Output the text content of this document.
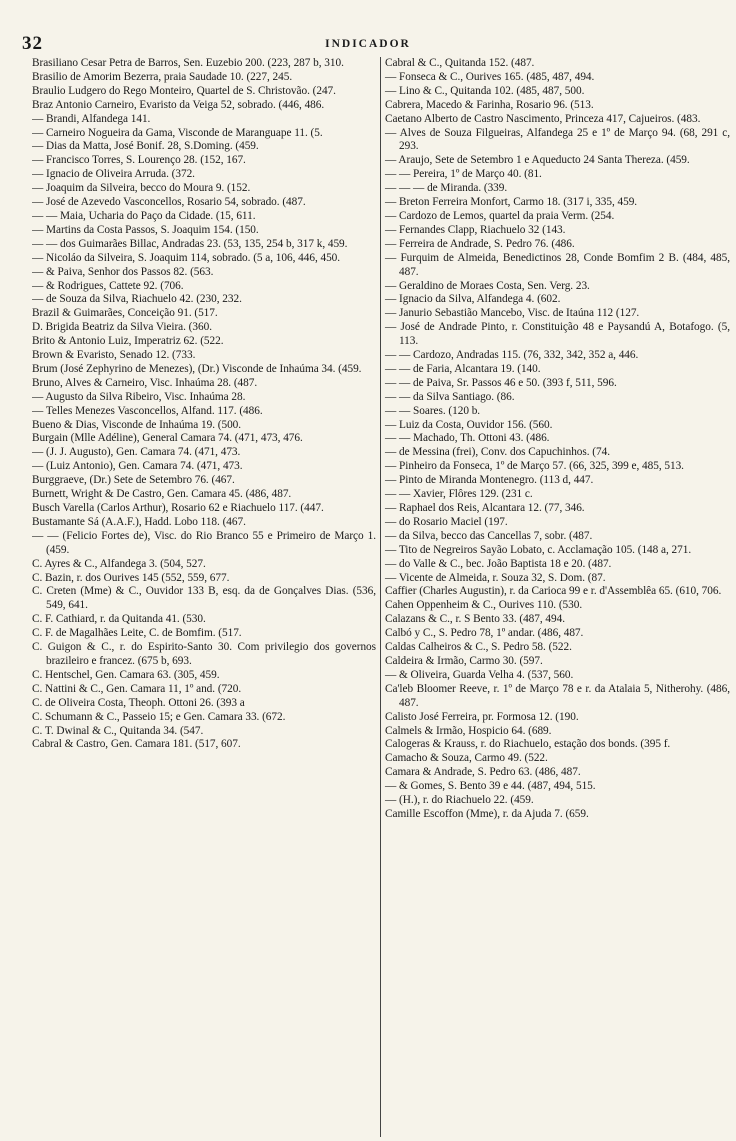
32	INDICADOR
Brasiliano Cesar Petra de Barros, Sen. Euzebio 200. (223, 287 b, 310.
Brasilio de Amorim Bezerra, praia Saudade 10. (227, 245.
Braulio Ludgero do Rego Monteiro, Quartel de S. Christovão. (247.
Braz Antonio Carneiro, Evaristo da Veiga 52, sobrado. (446, 486.
— Brandi, Alfandega 141.
— Carneiro Nogueira da Gama, Visconde de Maranguape 11. (5.
— Dias da Matta, José Bonif. 28, S.Doming. (459.
— Francisco Torres, S. Lourenço 28. (152, 167.
— Ignacio de Oliveira Arruda. (372.
— Joaquim da Silveira, becco do Moura 9. (152.
— José de Azevedo Vasconcellos, Rosario 54, sobrado. (487.
— — Maia, Ucharia do Paço da Cidade. (15, 611.
— Martins da Costa Passos, S. Joaquim 154. (150.
— — dos Guimarães Billac, Andradas 23. (53, 135, 254 b, 317 k, 459.
— Nicoláo da Silveira, S. Joaquim 114, sobrado. (5 a, 106, 446, 450.
— & Paiva, Senhor dos Passos 82. (563.
— & Rodrigues, Cattete 92. (706.
— de Souza da Silva, Riachuelo 42. (230, 232.
Brazil & Guimarães, Conceição 91. (517.
D. Brigida Beatriz da Silva Vieira. (360.
Brito & Antonio Luiz, Imperatriz 62. (522.
Brown & Evaristo, Senado 12. (733.
Brum (José Zephyrino de Menezes), (Dr.) Visconde de Inhaúma 34. (459.
Bruno, Alves & Carneiro, Visc. Inhaúma 28. (487.
— Augusto da Silva Ribeiro, Visc. Inhaúma 28.
— Telles Menezes Vasconcellos, Alfand. 117. (486.
Bueno & Dias, Visconde de Inhaúma 19. (500.
Burgain (Mlle Adéline), General Camara 74. (471, 473, 476.
— (J. J. Augusto), Gen. Camara 74. (471, 473.
— (Luiz Antonio), Gen. Camara 74. (471, 473.
Burggraeve, (Dr.) Sete de Setembro 76. (467.
Burnett, Wright & De Castro, Gen. Camara 45. (486, 487.
Busch Varella (Carlos Arthur), Rosario 62 e Riachuelo 117. (447.
Bustamante Sá (A.A.F.), Hadd. Lobo 118. (467.
— — (Felicio Fortes de), Visc. do Rio Branco 55 e Primeiro de Março 1. (459.
C. Ayres & C., Alfandega 3. (504, 527.
C. Bazin, r. dos Ourives 145 (552, 559, 677.
C. Creten (Mme) & C., Ouvidor 133 B, esq. da de Gonçalves Dias. (536, 549, 641.
C. F. Cathiard, r. da Quitanda 41. (530.
C. F. de Magalhães Leite, C. de Bomfim. (517.
C. Guigon & C., r. do Espirito-Santo 30. Com privilegio dos governos brazileiro e francez. (675 b, 693.
C. Hentschel, Gen. Camara 63. (305, 459.
C. Nattini & C., Gen. Camara 11, 1º and. (720.
C. de Oliveira Costa, Theoph. Ottoni 26. (393 a
C. Schumann & C., Passeio 15; e Gen. Camara 33. (672.
C. T. Dwinal & C., Quitanda 34. (547.
Cabral & Castro, Gen. Camara 181. (517, 607.
Cabral & C., Quitanda 152. (487.
— Fonseca & C., Ourives 165. (485, 487, 494.
— Lino & C., Quitanda 102. (485, 487, 500.
Cabrera, Macedo & Farinha, Rosario 96. (513.
Caetano Alberto de Castro Nascimento, Princeza 417, Cajueiros. (483.
— Alves de Souza Filgueiras, Alfandega 25 e 1º de Março 94. (68, 291 c, 293.
— Araujo, Sete de Setembro 1 e Aqueducto 24 Santa Thereza. (459.
— — Pereira, 1º de Março 40. (81.
— — — de Miranda. (339.
— Breton Ferreira Monfort, Carmo 18. (317 i, 335, 459.
— Cardozo de Lemos, quartel da praia Verm. (254.
— Fernandes Clapp, Riachuelo 32 (143.
— Ferreira de Andrade, S. Pedro 76. (486.
— Furquim de Almeida, Benedictinos 28, Conde Bomfim 2 B. (484, 485, 487.
— Geraldino de Moraes Costa, Sen. Verg. 23.
— Ignacio da Silva, Alfandega 4. (602.
— Janurio Sebastião Mancebo, Visc. de Itaúna 112 (127.
— José de Andrade Pinto, r. Constituição 48 e Paysandú A, Botafogo. (5, 113.
— — Cardozo, Andradas 115. (76, 332, 342, 352 a, 446.
— — de Faria, Alcantara 19. (140.
— — de Paiva, Sr. Passos 46 e 50. (393 f, 511, 596.
— — da Silva Santiago. (86.
— — Soares. (120 b.
— Luiz da Costa, Ouvidor 156. (560.
— — Machado, Th. Ottoni 43. (486.
— de Messina (frei), Conv. dos Capuchinhos. (74.
— Pinheiro da Fonseca, 1º de Março 57. (66, 325, 399 e, 485, 513.
— Pinto de Miranda Montenegro. (113 d, 447.
— — Xavier, Flôres 129. (231 c.
— Raphael dos Reis, Alcantara 12. (77, 346.
— do Rosario Maciel (197.
— da Silva, becco das Cancellas 7, sobr. (487.
— Tito de Negreiros Sayão Lobato, c. Acclamação 105. (148 a, 271.
— do Valle & C., bec. João Baptista 18 e 20. (487.
— Vicente de Almeida, r. Souza 32, S. Dom. (87.
Caffier (Charles Augustin), r. da Carioca 99 e r. d'Assemblêa 65. (610, 706.
Cahen Oppenheim & C., Ourives 110. (530.
Calazans & C., r. S Bento 33. (487, 494.
Calbó y C., S. Pedro 78, 1º andar. (486, 487.
Caldas Calheiros & C., S. Pedro 58. (522.
Caldeira & Irmão, Carmo 30. (597.
— & Oliveira, Guarda Velha 4. (537, 560.
Ca'leb Bloomer Reeve, r. 1º de Março 78 e r. da Atalaia 5, Nitherohy. (486, 487.
Calisto José Ferreira, pr. Formosa 12. (190.
Calmels & Irmão, Hospicio 64. (689.
Calogeras & Krauss, r. do Riachuelo, estação dos bonds. (395 f.
Camacho & Souza, Carmo 49. (522.
Camara & Andrade, S. Pedro 63. (486, 487.
— & Gomes, S. Bento 39 e 44. (487, 494, 515.
— (H.), r. do Riachuelo 22. (459.
Camille Escoffon (Mme), r. da Ajuda 7. (659.
